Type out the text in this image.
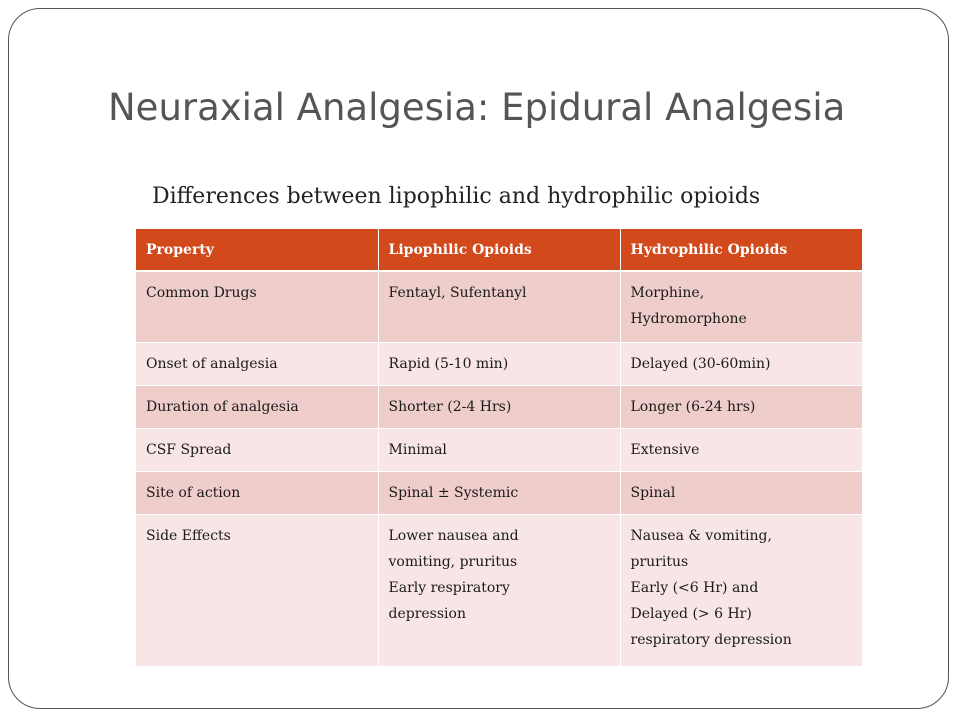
Neuraxial Analgesia: Epidural Analgesia
Differences between lipophilic and hydrophilic opioids
Property	Lipophilic Opioids	Hydrophilic Opioids
Common Drugs	Fentayl, Sufentanyl	Morphine,
Hydromorphone

Onset of analgesia	Rapid (5-10 min)	Delayed (30-60min)

Duration of analgesia	Shorter (2-4 Hrs)	Longer (6-24 hrs)

CSF Spread	Minimal	Extensive

Site of action	Spinal ± Systemic	Spinal

Side Effects	Lower nausea and
vomiting, pruritus
Early respiratory
depression	Nausea & vomiting,
pruritus
Early (<6 Hr) and
Delayed (> 6 Hr)
respiratory depression
